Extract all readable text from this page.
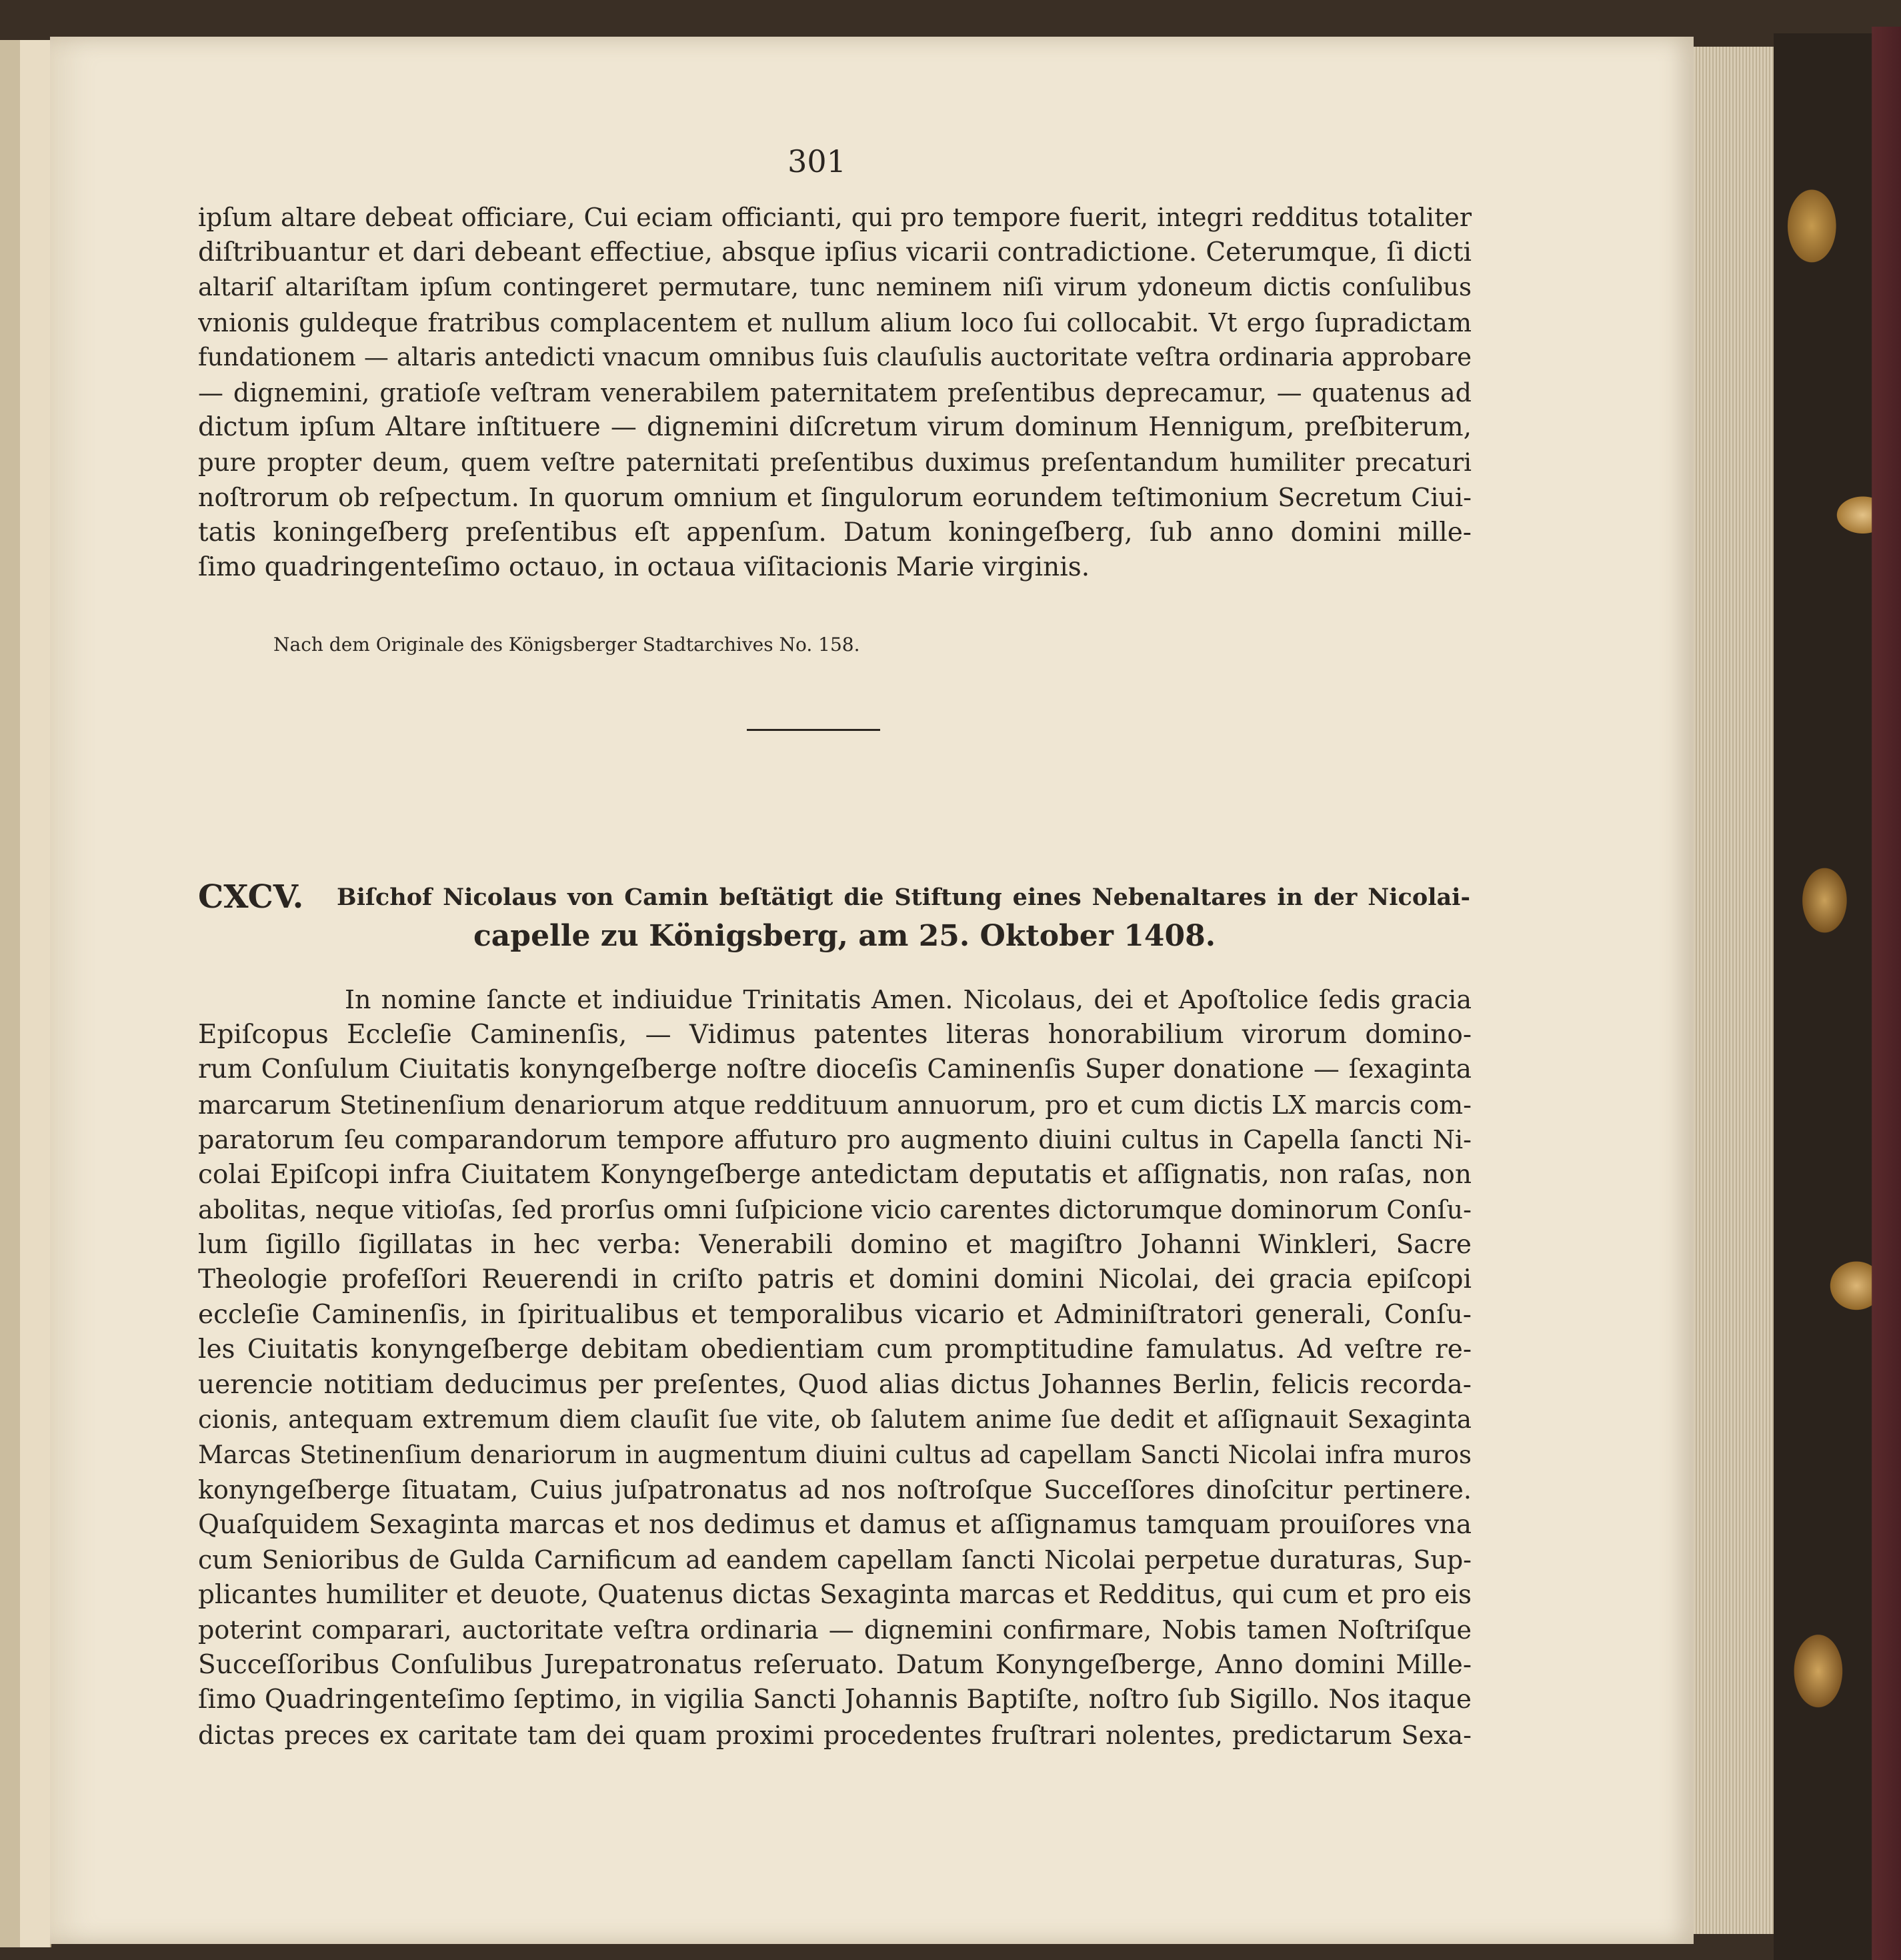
301
ipſum altare debeat officiare, Cui eciam officianti, qui pro tempore fuerit, integri redditus totaliter
diſtribuantur et dari debeant effectiue, absque ipſius vicarii contradictione. Ceterumque, ſi dicti
altariſ altariſtam ipſum contingeret permutare, tunc neminem niſi virum ydoneum dictis conſulibus
vnionis guldeque fratribus complacentem et nullum alium loco ſui collocabit. Vt ergo ſupradictam
fundationem — altaris antedicti vnacum omnibus ſuis clauſulis auctoritate veſtra ordinaria approbare
— dignemini, gratioſe veſtram venerabilem paternitatem preſentibus deprecamur, — quatenus ad
dictum ipſum Altare inſtituere — dignemini diſcretum virum dominum Hennigum, preſbiterum,
pure propter deum, quem veſtre paternitati preſentibus duximus preſentandum humiliter precaturi
noſtrorum ob reſpectum. In quorum omnium et ſingulorum eorundem teſtimonium Secretum Ciui-
tatis koningeſberg preſentibus eſt appenſum. Datum koningeſberg, ſub anno domini mille-
ſimo quadringenteſimo octauo, in octaua viſitacionis Marie virginis.
Nach dem Originale des Königsberger Stadtarchives No. 158.
CXCV. Biſchof Nicolaus von Camin beſtätigt die Stiftung eines Nebenaltares in der Nicolai-
capelle zu Königsberg, am 25. Oktober 1408.
In nomine ſancte et indiuidue Trinitatis Amen. Nicolaus, dei et Apoſtolice ſedis gracia
Epiſcopus Eccleſie Caminenſis, — Vidimus patentes literas honorabilium virorum domino-
rum Conſulum Ciuitatis konyngeſberge noſtre dioceſis Caminenſis Super donatione — ſexaginta
marcarum Stetinenſium denariorum atque reddituum annuorum, pro et cum dictis LX marcis com-
paratorum ſeu comparandorum tempore affuturo pro augmento diuini cultus in Capella ſancti Ni-
colai Epiſcopi infra Ciuitatem Konyngeſberge antedictam deputatis et aſſignatis, non raſas, non
abolitas, neque vitioſas, ſed prorſus omni ſuſpicione vicio carentes dictorumque dominorum Conſu-
lum ſigillo ſigillatas in hec verba: Venerabili domino et magiſtro Johanni Winkleri, Sacre
Theologie profeſſori Reuerendi in criſto patris et domini domini Nicolai, dei gracia epiſcopi
eccleſie Caminenſis, in ſpiritualibus et temporalibus vicario et Adminiſtratori generali, Conſu-
les Ciuitatis konyngeſberge debitam obedientiam cum promptitudine famulatus. Ad veſtre re-
uerencie notitiam deducimus per preſentes, Quod alias dictus Johannes Berlin, felicis recorda-
cionis, antequam extremum diem clauſit ſue vite, ob ſalutem anime ſue dedit et aſſignauit Sexaginta
Marcas Stetinenſium denariorum in augmentum diuini cultus ad capellam Sancti Nicolai infra muros
konyngeſberge ſituatam, Cuius juſpatronatus ad nos noſtroſque Succeſſores dinoſcitur pertinere.
Quaſquidem Sexaginta marcas et nos dedimus et damus et aſſignamus tamquam prouiſores vna
cum Senioribus de Gulda Carnificum ad eandem capellam ſancti Nicolai perpetue duraturas, Sup-
plicantes humiliter et deuote, Quatenus dictas Sexaginta marcas et Redditus, qui cum et pro eis
poterint comparari, auctoritate veſtra ordinaria — dignemini confirmare, Nobis tamen Noſtriſque
Succeſſoribus Conſulibus Jurepatronatus reſeruato. Datum Konyngeſberge, Anno domini Mille-
ſimo Quadringenteſimo ſeptimo, in vigilia Sancti Johannis Baptiſte, noſtro ſub Sigillo. Nos itaque
dictas preces ex caritate tam dei quam proximi procedentes fruſtrari nolentes, predictarum Sexa-
